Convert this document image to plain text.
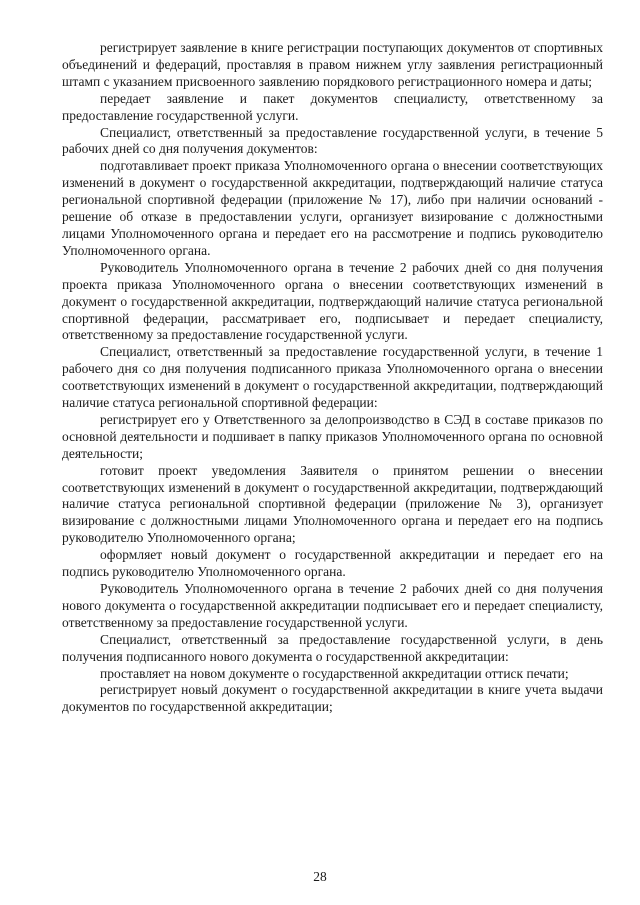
регистрирует заявление в книге регистрации поступающих документов от спортивных объединений и федераций, проставляя в правом нижнем углу заявления регистрационный штамп с указанием присвоенного заявлению порядкового регистрационного номера и даты;

передает заявление и пакет документов специалисту, ответственному за предоставление государственной услуги.

Специалист, ответственный за предоставление государственной услуги, в течение 5 рабочих дней со дня получения документов:

подготавливает проект приказа Уполномоченного органа о внесении соответствующих изменений в документ о государственной аккредитации, подтверждающий наличие статуса региональной спортивной федерации (приложение № 17), либо при наличии оснований - решение об отказе в предоставлении услуги, организует визирование с должностными лицами Уполномоченного органа и передает его на рассмотрение и подпись руководителю Уполномоченного органа.

Руководитель Уполномоченного органа в течение 2 рабочих дней со дня получения проекта приказа Уполномоченного органа о внесении соответствующих изменений в документ о государственной аккредитации, подтверждающий наличие статуса региональной спортивной федерации, рассматривает его, подписывает и передает специалисту, ответственному за предоставление государственной услуги.

Специалист, ответственный за предоставление государственной услуги, в течение 1 рабочего дня со дня получения подписанного приказа Уполномоченного органа о внесении соответствующих изменений в документ о государственной аккредитации, подтверждающий наличие статуса региональной спортивной федерации:

регистрирует его у Ответственного за делопроизводство в СЭД в составе приказов по основной деятельности и подшивает в папку приказов Уполномоченного органа по основной деятельности;

готовит проект уведомления Заявителя о принятом решении о внесении соответствующих изменений в документ о государственной аккредитации, подтверждающий наличие статуса региональной спортивной федерации (приложение № 3), организует визирование с должностными лицами Уполномоченного органа и передает его на подпись руководителю Уполномоченного органа;

оформляет новый документ о государственной аккредитации и передает его на подпись руководителю Уполномоченного органа.

Руководитель Уполномоченного органа в течение 2 рабочих дней со дня получения нового документа о государственной аккредитации подписывает его и передает специалисту, ответственному за предоставление государственной услуги.

Специалист, ответственный за предоставление государственной услуги, в день получения подписанного нового документа о государственной аккредитации:

проставляет на новом документе о государственной аккредитации оттиск печати;

регистрирует новый документ о государственной аккредитации в книге учета выдачи документов по государственной аккредитации;

28
